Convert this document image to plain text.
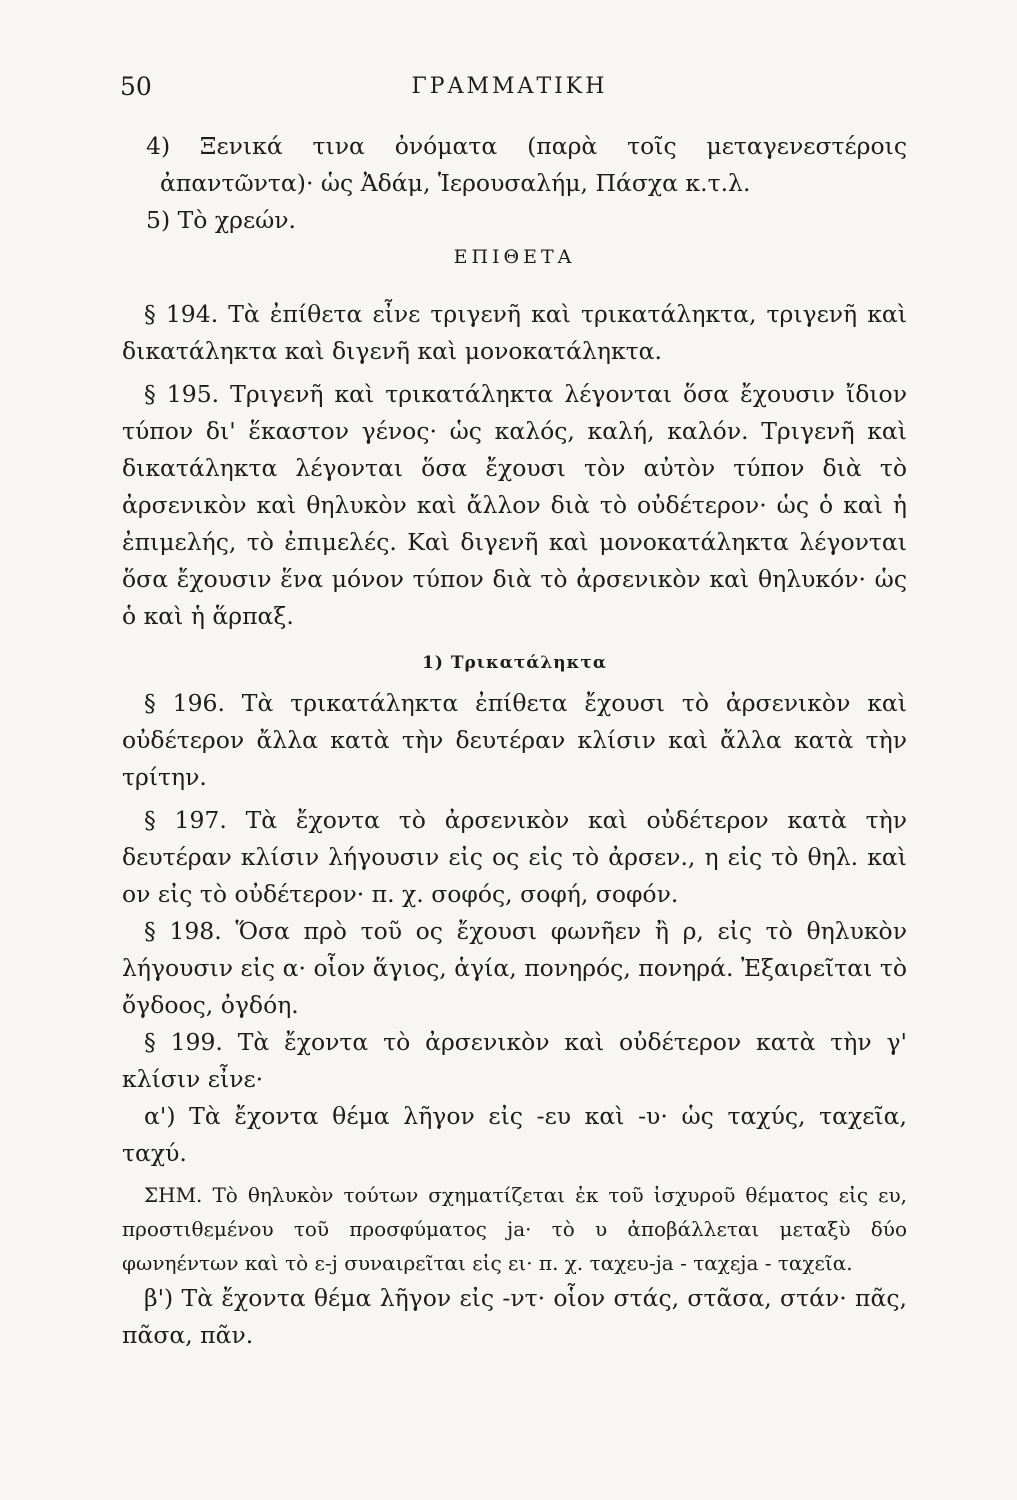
50	ΓΡΑΜΜΑΤΙΚΗ

4) Ξενικά τινα ὀνόματα (παρὰ τοῖς μεταγενεστέροις ἀπαντῶντα)· ὡς Ἀδάμ, Ἱερουσαλήμ, Πάσχα κ.τ.λ.

5) Τὸ χρεών.

ΕΠΙΘΕΤΑ

§ 194. Τὰ ἐπίθετα εἶνε τριγενῆ καὶ τρικατάληκτα, τριγενῆ καὶ δικατάληκτα καὶ διγενῆ καὶ μονοκατάληκτα.

§ 195. Τριγενῆ καὶ τρικατάληκτα λέγονται ὅσα ἔχουσιν ἴδιον τύπον δι' ἕκαστον γένος· ὡς καλός, καλή, καλόν. Τριγενῆ καὶ δικατάληκτα λέγονται ὅσα ἔχουσι τὸν αὐτὸν τύπον διὰ τὸ ἀρσενικὸν καὶ θηλυκὸν καὶ ἄλλον διὰ τὸ οὐδέτερον· ὡς ὁ καὶ ἡ ἐπιμελής, τὸ ἐπιμελές. Καὶ διγενῆ καὶ μονοκατάληκτα λέγονται ὅσα ἔχουσιν ἕνα μόνον τύπον διὰ τὸ ἀρσενικὸν καὶ θηλυκόν· ὡς ὁ καὶ ἡ ἅρπαξ.

1) Τρικατάληκτα

§ 196. Τὰ τρικατάληκτα ἐπίθετα ἔχουσι τὸ ἀρσενικὸν καὶ οὐδέτερον ἄλλα κατὰ τὴν δευτέραν κλίσιν καὶ ἄλλα κατὰ τὴν τρίτην.

§ 197. Τὰ ἔχοντα τὸ ἀρσενικὸν καὶ οὐδέτερον κατὰ τὴν δευτέραν κλίσιν λήγουσιν εἰς ος εἰς τὸ ἀρσεν., η εἰς τὸ θηλ. καὶ ον εἰς τὸ οὐδέτερον· π. χ. σοφός, σοφή, σοφόν.

§ 198. Ὅσα πρὸ τοῦ ος ἔχουσι φωνῆεν ἢ ρ, εἰς τὸ θηλυκὸν λήγουσιν εἰς α· οἷον ἅγιος, ἁγία, πονηρός, πονηρά. Ἐξαιρεῖται τὸ ὄγδοος, ὀγδόη.

§ 199. Τὰ ἔχοντα τὸ ἀρσενικὸν καὶ οὐδέτερον κατὰ τὴν γ' κλίσιν εἶνε·

α') Τὰ ἔχοντα θέμα λῆγον εἰς -ευ καὶ -υ· ὡς ταχύς, ταχεῖα, ταχύ.

ΣΗΜ. Τὸ θηλυκὸν τούτων σχηματίζεται ἐκ τοῦ ἰσχυροῦ θέματος εἰς ευ, προστιθεμένου τοῦ προσφύματος ja· τὸ υ ἀποβάλλεται μεταξὺ δύο φωνηέντων καὶ τὸ ε-j συναιρεῖται εἰς ει· π. χ. ταχευ-ja - ταχεja - ταχεῖα.

β') Τὰ ἔχοντα θέμα λῆγον εἰς -ντ· οἷον στάς, στᾶσα, στάν· πᾶς, πᾶσα, πᾶν.
